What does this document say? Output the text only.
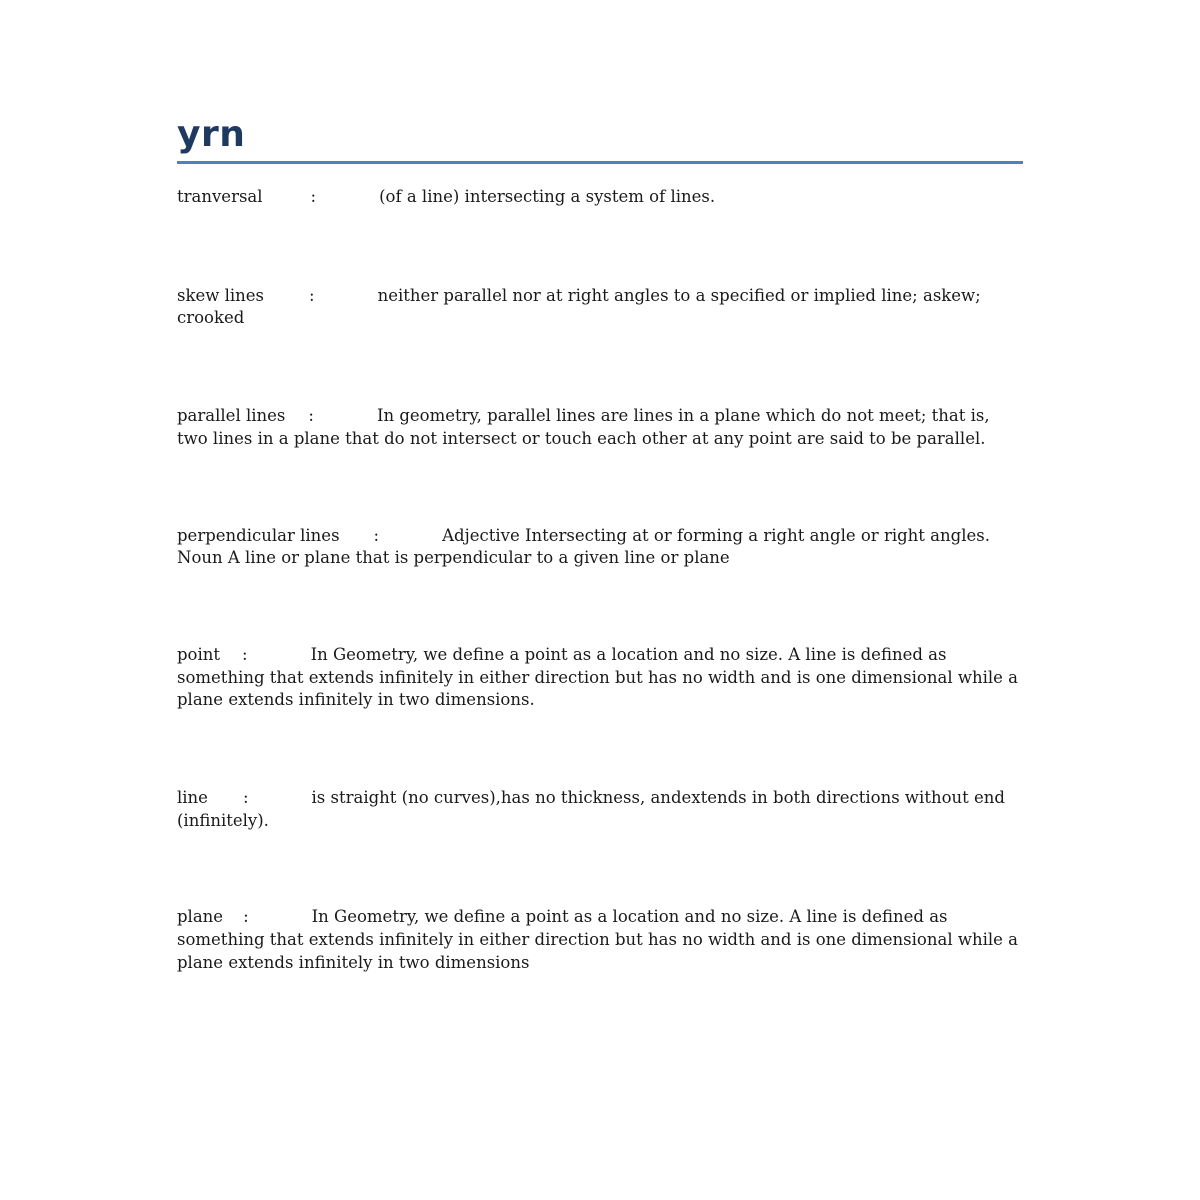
yrn

tranversal	:	(of a line) intersecting a system of lines.

skew lines	:	neither parallel nor at right angles to a specified or implied line; askew; crooked

parallel lines :	In geometry, parallel lines are lines in a plane which do not meet; that is, two lines in a plane that do not intersect or touch each other at any point are said to be parallel.

perpendicular lines :	Adjective Intersecting at or forming a right angle or right angles. Noun A line or plane that is perpendicular to a given line or plane

point :	In Geometry, we define a point as a location and no size. A line is defined as something that extends infinitely in either direction but has no width and is one dimensional while a plane extends infinitely in two dimensions.

line :	is straight (no curves),has no thickness, andextends in both directions without end (infinitely).

plane :	In Geometry, we define a point as a location and no size. A line is defined as something that extends infinitely in either direction but has no width and is one dimensional while a plane extends infinitely in two dimensions
